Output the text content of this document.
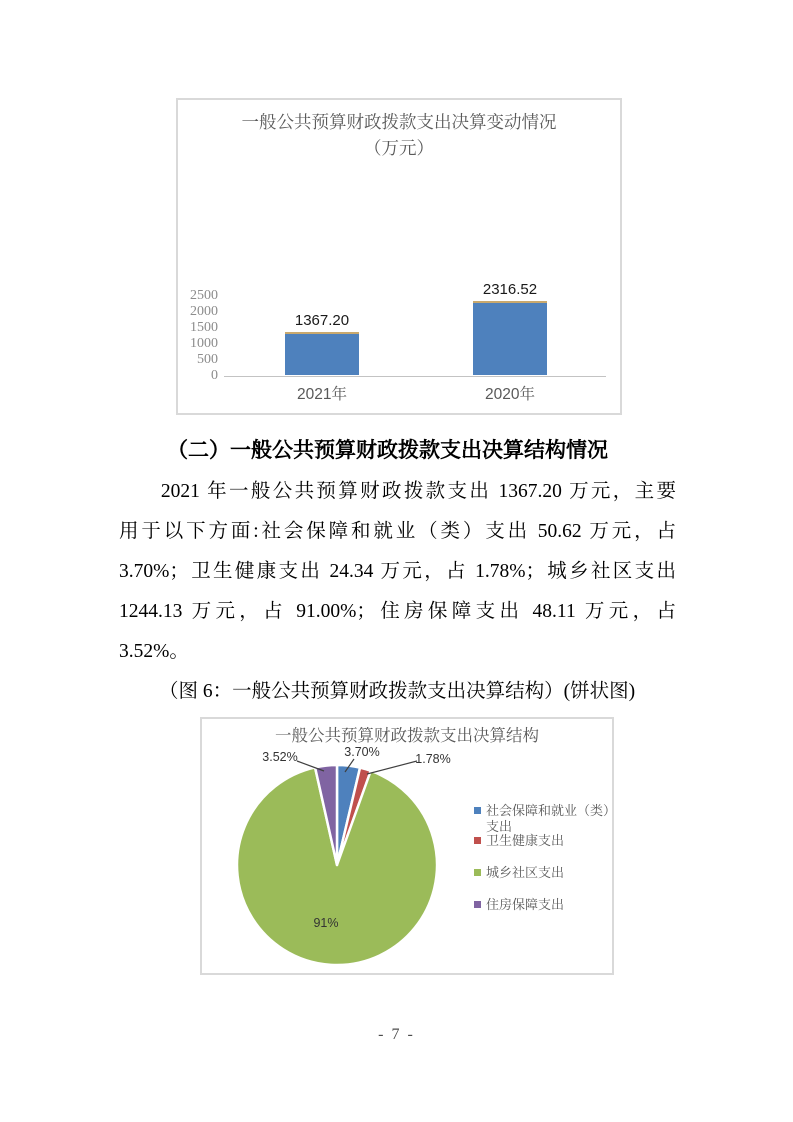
一般公共预算财政拨款支出决算变动情况
（万元）
0
500
1000
1500
2000
2500
1367.20
2021年
2316.52
2020年
（二）一般公共预算财政拨款支出决算结构情况
2021 年一般公共预算财政拨款支出 1367.20 万元，主要
用于以下方面:社会保障和就业（类）支出 50.62 万元，占
3.70%；卫生健康支出 24.34 万元，占 1.78%；城乡社区支出
1244.13 万元，占 91.00%；住房保障支出 48.11 万元，占
3.52%。
（图 6：一般公共预算财政拨款支出决算结构）(饼状图)
一般公共预算财政拨款支出决算结构
3.70%	1.78%
91%
3.52%
社会保障和就业（类）支出
卫生健康支出
城乡社区支出
住房保障支出
- 7 -
